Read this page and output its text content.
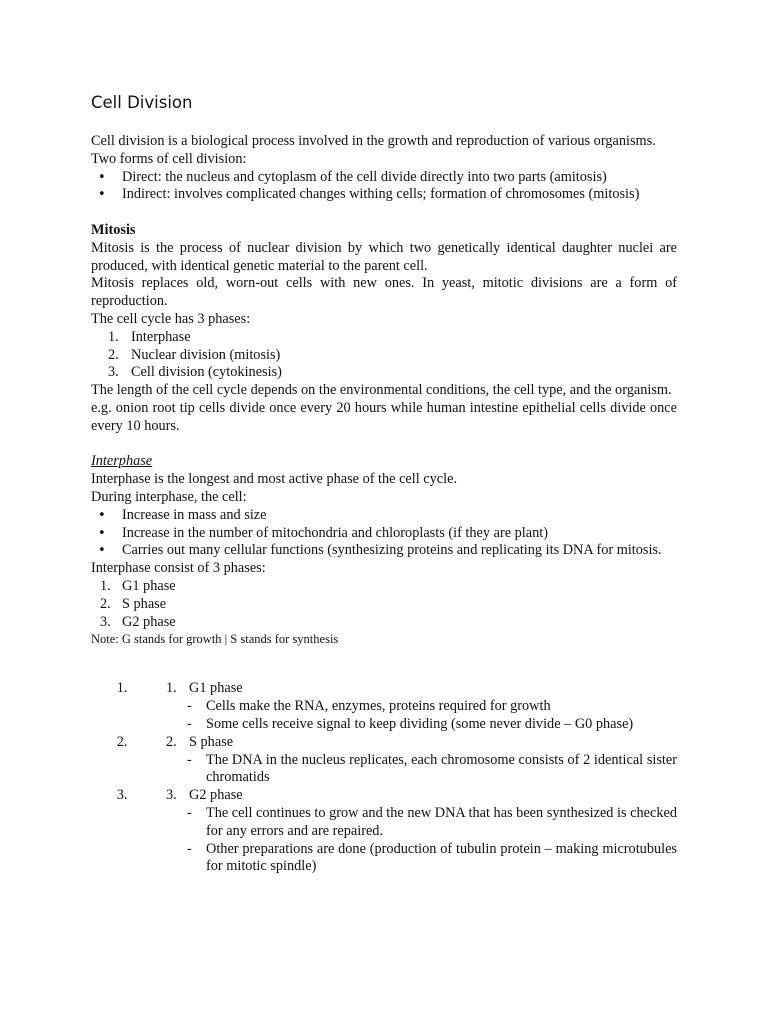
Cell Division

Cell division is a biological process involved in the growth and reproduction of various organisms.

Two forms of cell division:

• Direct: the nucleus and cytoplasm of the cell divide directly into two parts (amitosis)
• Indirect: involves complicated changes withing cells; formation of chromosomes (mitosis)

Mitosis

Mitosis is the process of nuclear division by which two genetically identical daughter nuclei are produced, with identical genetic material to the parent cell.

Mitosis replaces old, worn-out cells with new ones. In yeast, mitotic divisions are a form of reproduction.

The cell cycle has 3 phases:

1. Interphase
2. Nuclear division (mitosis)
3. Cell division (cytokinesis)

The length of the cell cycle depends on the environmental conditions, the cell type, and the organism.

e.g. onion root tip cells divide once every 20 hours while human intestine epithelial cells divide once every 10 hours.

Interphase

Interphase is the longest and most active phase of the cell cycle.

During interphase, the cell:

• Increase in mass and size
• Increase in the number of mitochondria and chloroplasts (if they are plant)
• Carries out many cellular functions (synthesizing proteins and replicating its DNA for mitosis.

Interphase consist of 3 phases:

1. G1 phase
2. S phase
3. G2 phase

Note: G stands for growth | S stands for synthesis

1. 1. G1 phase
- Cells make the RNA, enzymes, proteins required for growth
- Some cells receive signal to keep dividing (some never divide – G0 phase)
2. 2. S phase
- The DNA in the nucleus replicates, each chromosome consists of 2 identical sister chromatids
3. 3. G2 phase
- The cell continues to grow and the new DNA that has been synthesized is checked for any errors and are repaired.
- Other preparations are done (production of tubulin protein – making microtubules for mitotic spindle)
